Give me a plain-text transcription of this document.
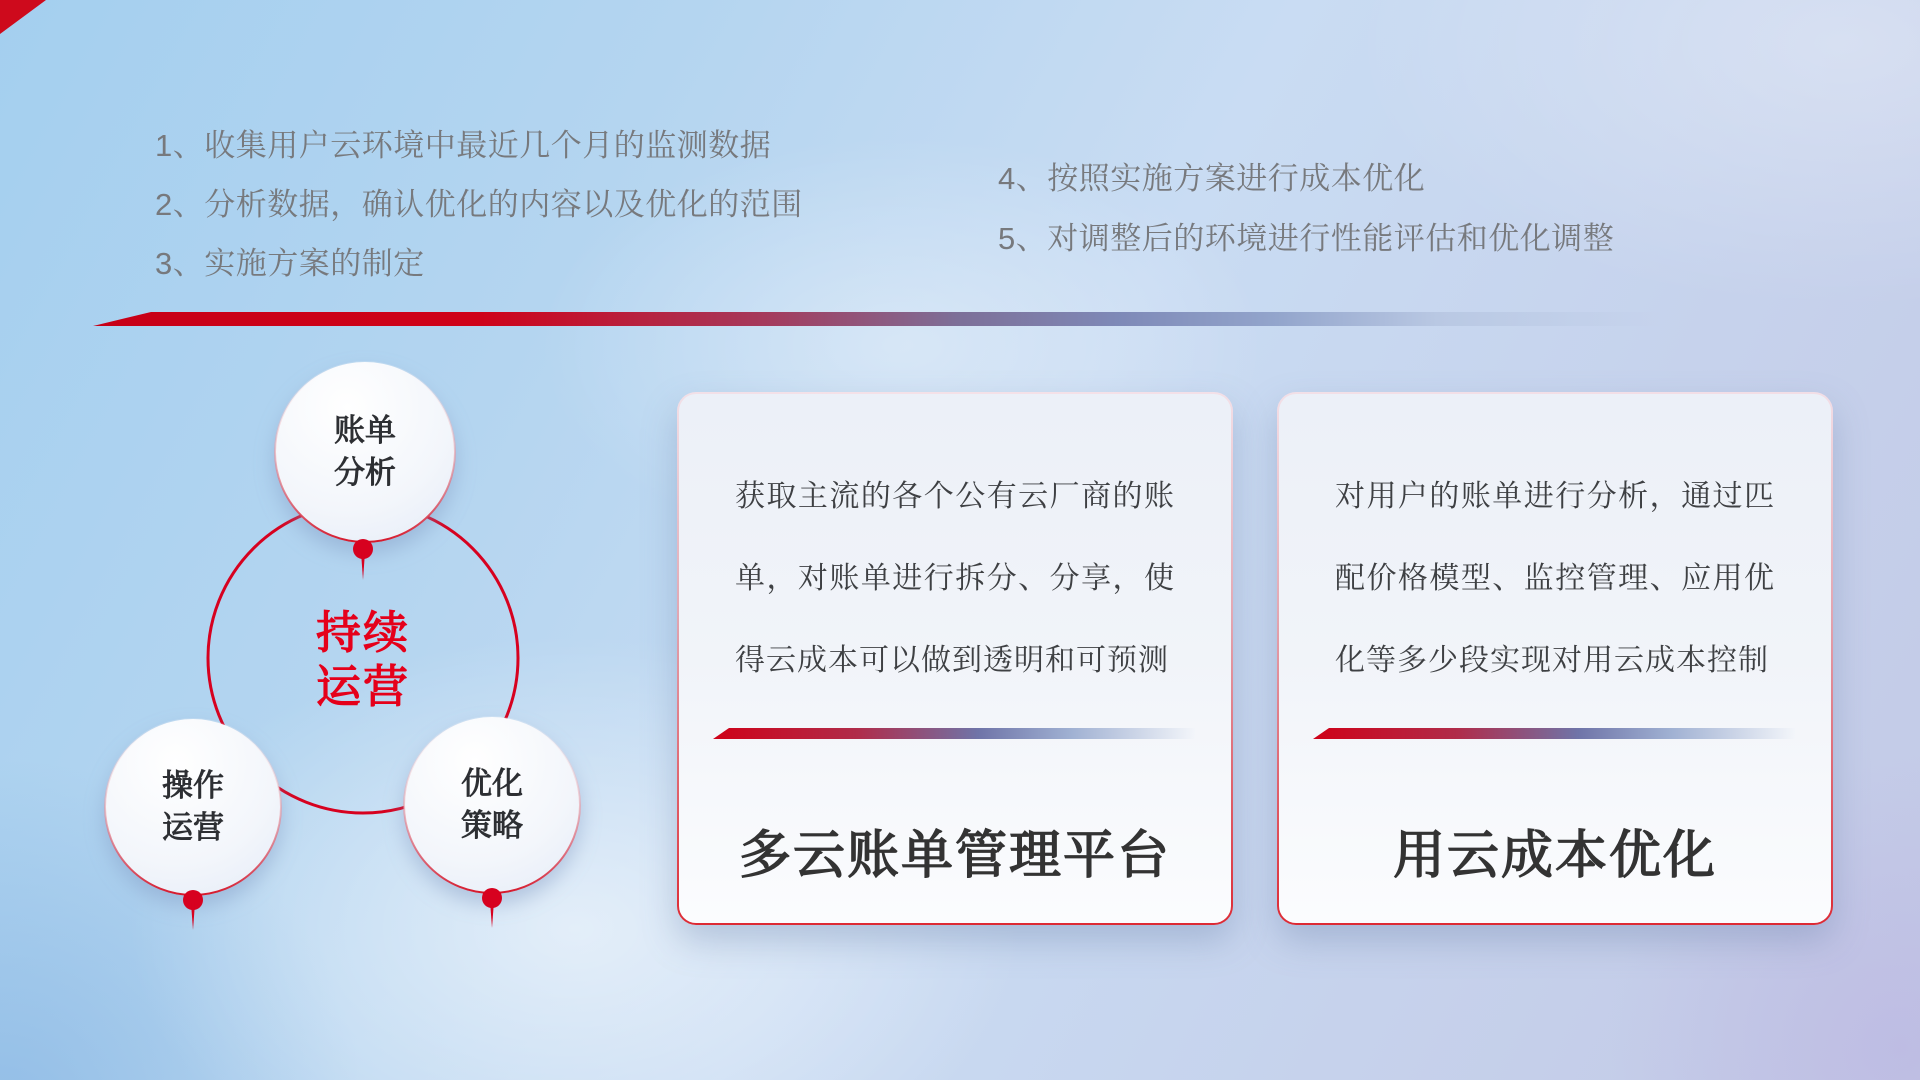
1、收集用户云环境中最近几个月的监测数据
2、分析数据，确认优化的内容以及优化的范围
3、实施方案的制定
4、按照实施方案进行成本优化
5、对调整后的环境进行性能评估和优化调整
账单
分析
操作
运营
优化
策略
持续
运营

获取主流的各个公有云厂商的账单，对账单进行拆分、分享，使得云成本可以做到透明和可预测

多云账单管理平台

对用户的账单进行分析，通过匹配价格模型、监控管理、应用优化等多少段实现对用云成本控制

用云成本优化
